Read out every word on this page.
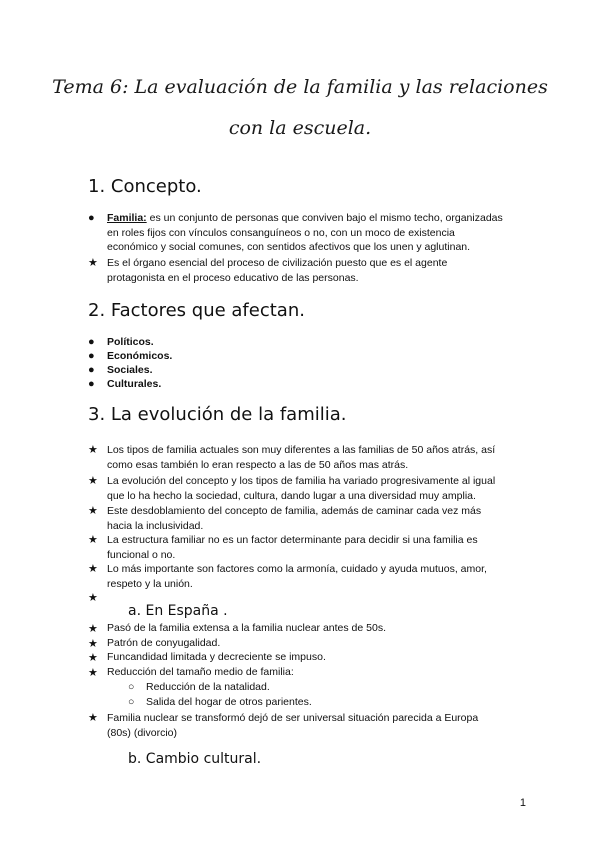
Tema 6: La evaluación de la familia y las relaciones
con la escuela.
1. Concepto.
● Familia: es un conjunto de personas que conviven bajo el mismo techo, organizadas
en roles fijos con vínculos consanguíneos o no, con un moco de existencia
económico y social comunes, con sentidos afectivos que los unen y aglutinan.
★ Es el órgano esencial del proceso de civilización puesto que es el agente
protagonista en el proceso educativo de las personas.
2. Factores que afectan.
● Políticos.
● Económicos.
● Sociales.
● Culturales.
3. La evolución de la familia.
★ Los tipos de familia actuales son muy diferentes a las familias de 50 años atrás, así
como esas también lo eran respecto a las de 50 años mas atrás.
★ La evolución del concepto y los tipos de familia ha variado progresivamente al igual
que lo ha hecho la sociedad, cultura, dando lugar a una diversidad muy amplia.
★ Este desdoblamiento del concepto de familia, además de caminar cada vez más
hacia la inclusividad.
★ La estructura familiar no es un factor determinante para decidir si una familia es
funcional o no.
★ Lo más importante son factores como la armonía, cuidado y ayuda mutuos, amor,
respeto y la unión.
★
a. En España .
★ Pasó de la familia extensa a la familia nuclear antes de 50s.
★ Patrón de conyugalidad.
★ Funcandidad limitada y decreciente se impuso.
★ Reducción del tamaño medio de familia:
○ Reducción de la natalidad.
○ Salida del hogar de otros parientes.
★ Familia nuclear se transformó dejó de ser universal situación parecida a Europa
(80s) (divorcio)
b. Cambio cultural.
1
